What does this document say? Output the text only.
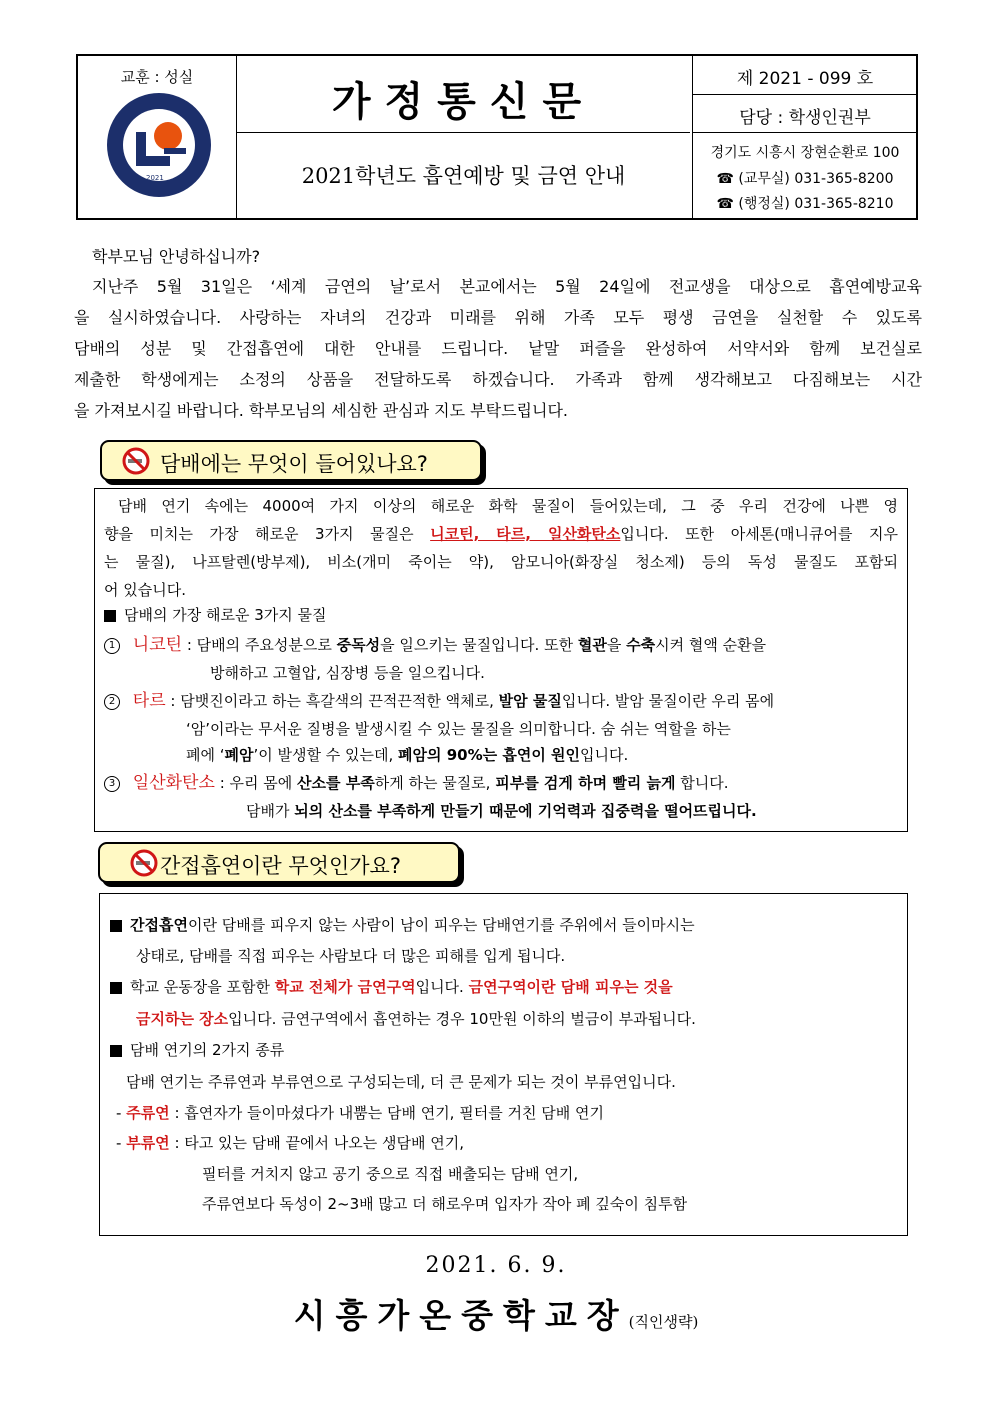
교훈 : 성실
2021
가정통신문
2021학년도 흡연예방 및 금연 안내
제 2021 - 099 호
담당 : 학생인권부
경기도 시흥시 장현순환로 100
☎ (교무실) 031-365-8200
☎ (행정실) 031-365-8210
학부모님 안녕하십니까?
지난주 5월 31일은 ‘세계 금연의 날’로서 본교에서는 5월 24일에 전교생을 대상으로 흡연예방교육
을 실시하였습니다. 사랑하는 자녀의 건강과 미래를 위해 가족 모두 평생 금연을 실천할 수 있도록
담배의 성분 및 간접흡연에 대한 안내를 드립니다. 낱말 퍼즐을 완성하여 서약서와 함께 보건실로
제출한 학생에게는 소정의 상품을 전달하도록 하겠습니다. 가족과 함께 생각해보고 다짐해보는 시간
을 가져보시길 바랍니다. 학부모님의 세심한 관심과 지도 부탁드립니다.
담배에는 무엇이 들어있나요?
담배 연기 속에는 4000여 가지 이상의 해로운 화학 물질이 들어있는데, 그 중 우리 건강에 나쁜 영
향을 미치는 가장 해로운 3가지 물질은 니코틴, 타르, 일산화탄소입니다. 또한 아세톤(매니큐어를 지우
는 물질), 나프탈렌(방부제), 비소(개미 죽이는 약), 암모니아(화장실 청소제) 등의 독성 물질도 포함되
어 있습니다.
담배의 가장 해로운 3가지 물질
1 니코틴 : 담배의 주요성분으로 중독성을 일으키는 물질입니다. 또한 혈관을 수축시켜 혈액 순환을
방해하고 고혈압, 심장병 등을 일으킵니다.
2 타르 : 담뱃진이라고 하는 흑갈색의 끈적끈적한 액체로, 발암 물질입니다. 발암 물질이란 우리 몸에
‘암’이라는 무서운 질병을 발생시킬 수 있는 물질을 의미합니다. 숨 쉬는 역할을 하는
폐에 ‘폐암’이 발생할 수 있는데, 폐암의 90%는 흡연이 원인입니다.
3 일산화탄소 : 우리 몸에 산소를 부족하게 하는 물질로, 피부를 검게 하며 빨리 늙게 합니다.
담배가 뇌의 산소를 부족하게 만들기 때문에 기억력과 집중력을 떨어뜨립니다.
간접흡연이란 무엇인가요?
간접흡연이란 담배를 피우지 않는 사람이 남이 피우는 담배연기를 주위에서 들이마시는
상태로, 담배를 직접 피우는 사람보다 더 많은 피해를 입게 됩니다.
학교 운동장을 포함한 학교 전체가 금연구역입니다. 금연구역이란 담배 피우는 것을
금지하는 장소입니다. 금연구역에서 흡연하는 경우 10만원 이하의 벌금이 부과됩니다.
담배 연기의 2가지 종류
담배 연기는 주류연과 부류연으로 구성되는데, 더 큰 문제가 되는 것이 부류연입니다.
- 주류연 : 흡연자가 들이마셨다가 내뿜는 담배 연기, 필터를 거친 담배 연기
- 부류연 : 타고 있는 담배 끝에서 나오는 생담배 연기,
필터를 거치지 않고 공기 중으로 직접 배출되는 담배 연기,
주류연보다 독성이 2~3배 많고 더 해로우며 입자가 작아 폐 깊숙이 침투함
2021. 6. 9.
시흥가온중학교장(직인생략)
